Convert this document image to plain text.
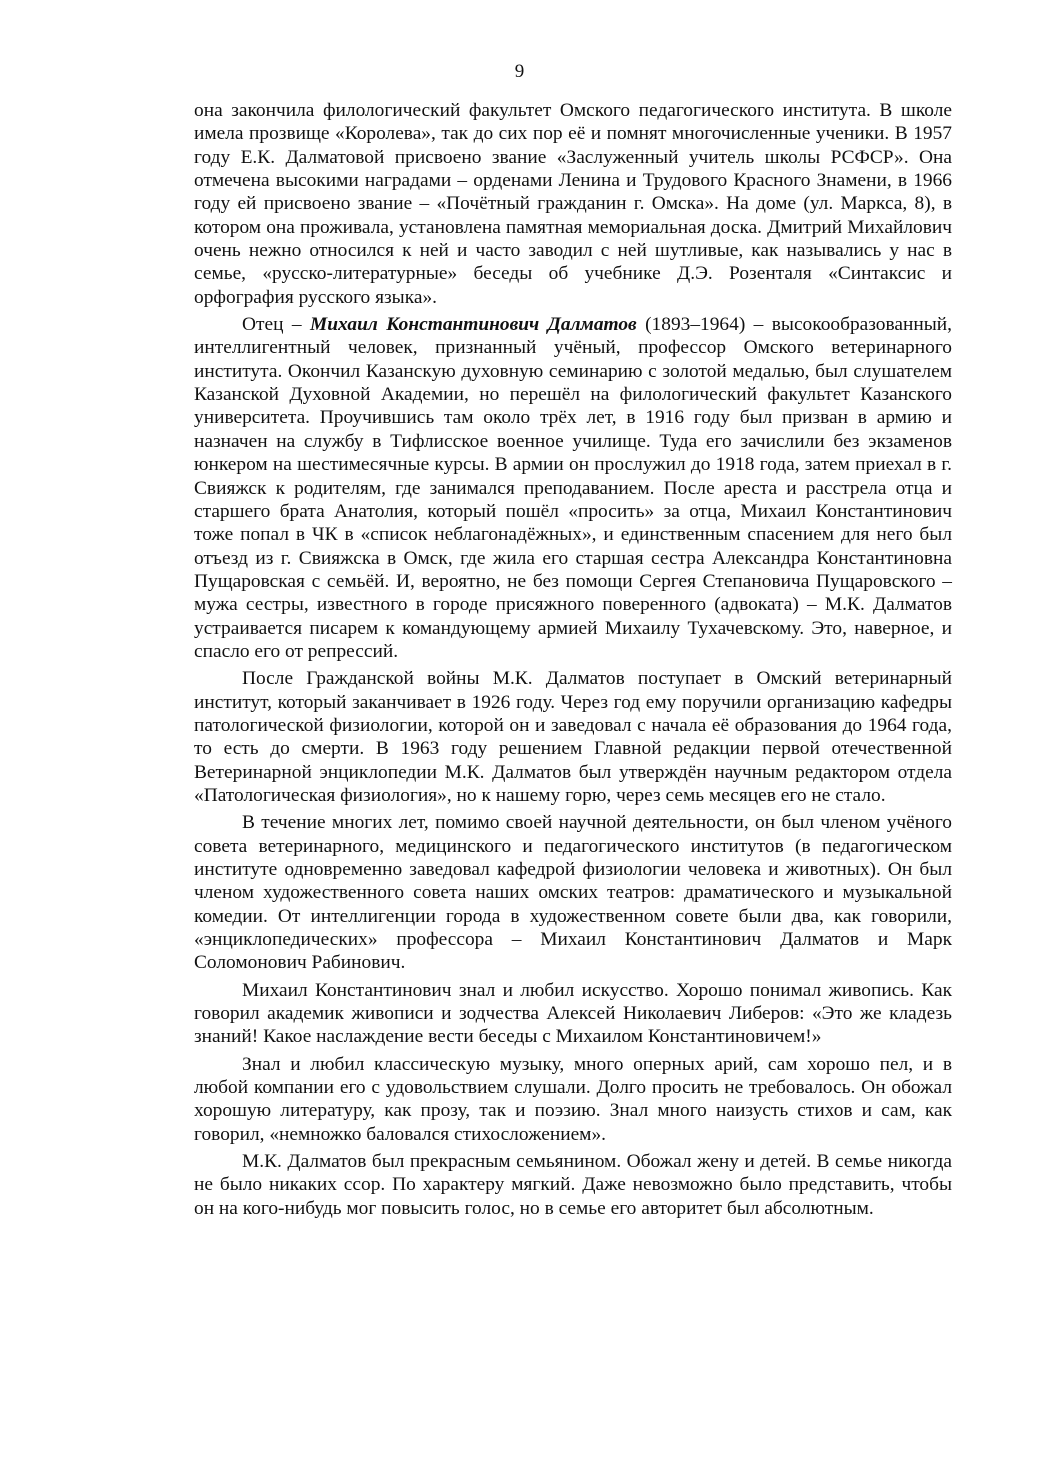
9

она закончила филологический факультет Омского педагогического института. В школе имела прозвище «Королева», так до сих пор её и помнят многочисленные ученики. В 1957 году Е.К. Далматовой присвоено звание «Заслуженный учитель школы РСФСР». Она отмечена высокими наградами – орденами Ленина и Трудового Красного Знамени, в 1966 году ей присвоено звание – «Почётный гражданин г. Омска». На доме (ул. Маркса, 8), в котором она проживала, установлена памятная мемориальная доска. Дмитрий Михайлович очень нежно относился к ней и часто заводил с ней шутливые, как назывались у нас в семье, «русско-литературные» беседы об учебнике Д.Э. Розенталя «Синтаксис и орфография русского языка».

Отец – Михаил Константинович Далматов (1893–1964) – высокообразованный, интеллигентный человек, признанный учёный, профессор Омского ветеринарного института. Окончил Казанскую духовную семинарию с золотой медалью, был слушателем Казанской Духовной Академии, но перешёл на филологический факультет Казанского университета. Проучившись там около трёх лет, в 1916 году был призван в армию и назначен на службу в Тифлисское военное училище. Туда его зачислили без экзаменов юнкером на шестимесячные курсы. В армии он прослужил до 1918 года, затем приехал в г. Свияжск к родителям, где занимался преподаванием. После ареста и расстрела отца и старшего брата Анатолия, который пошёл «просить» за отца, Михаил Константинович тоже попал в ЧК в «список неблагонадёжных», и единственным спасением для него был отъезд из г. Свияжска в Омск, где жила его старшая сестра Александра Константиновна Пущаровская с семьёй. И, вероятно, не без помощи Сергея Степановича Пущаровского – мужа сестры, известного в городе присяжного поверенного (адвоката) – М.К. Далматов устраивается писарем к командующему армией Михаилу Тухачевскому. Это, наверное, и спасло его от репрессий.

После Гражданской войны М.К. Далматов поступает в Омский ветеринарный институт, который заканчивает в 1926 году. Через год ему поручили организацию кафедры патологической физиологии, которой он и заведовал с начала её образования до 1964 года, то есть до смерти. В 1963 году решением Главной редакции первой отечественной Ветеринарной энциклопедии М.К. Далматов был утверждён научным редактором отдела «Патологическая физиология», но к нашему горю, через семь месяцев его не стало.

В течение многих лет, помимо своей научной деятельности, он был членом учёного совета ветеринарного, медицинского и педагогического институтов (в педагогическом институте одновременно заведовал кафедрой физиологии человека и животных). Он был членом художественного совета наших омских театров: драматического и музыкальной комедии. От интеллигенции города в художественном совете были два, как говорили, «энциклопедических» профессора – Михаил Константинович Далматов и Марк Соломонович Рабинович.

Михаил Константинович знал и любил искусство. Хорошо понимал живопись. Как говорил академик живописи и зодчества Алексей Николаевич Либеров: «Это же кладезь знаний! Какое наслаждение вести беседы с Михаилом Константиновичем!»

Знал и любил классическую музыку, много оперных арий, сам хорошо пел, и в любой компании его с удовольствием слушали. Долго просить не требовалось. Он обожал хорошую литературу, как прозу, так и поэзию. Знал много наизусть стихов и сам, как говорил, «немножко баловался стихосложением».

М.К. Далматов был прекрасным семьянином. Обожал жену и детей. В семье никогда не было никаких ссор. По характеру мягкий. Даже невозможно было представить, чтобы он на кого-нибудь мог повысить голос, но в семье его авторитет был абсолютным.
